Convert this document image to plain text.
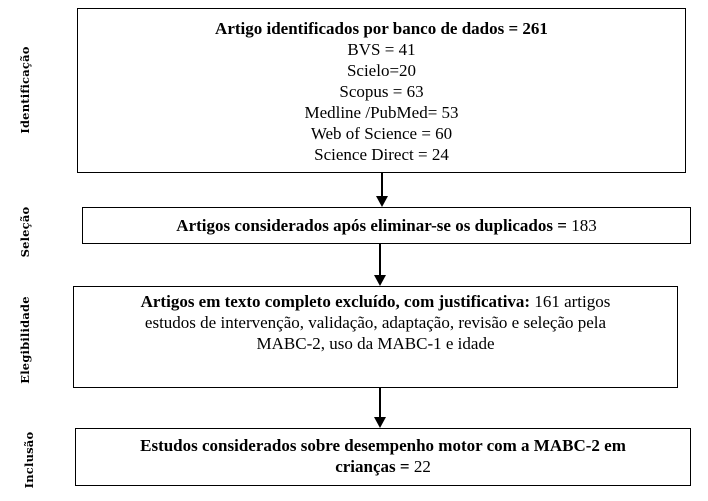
Identificação
Seleção
Elegibilidade
Inclusão
Artigo identificados por banco de dados = 261
BVS = 41
Scielo=20
Scopus = 63
Medline /PubMed= 53
Web of Science = 60
Science Direct = 24
Artigos considerados após eliminar-se os duplicados = 183
Artigos em texto completo excluído, com justificativa: 161 artigos
estudos de intervenção, validação, adaptação, revisão e seleção pela
MABC-2, uso da MABC-1 e idade
Estudos considerados sobre desempenho motor com a MABC-2 em
crianças = 22
